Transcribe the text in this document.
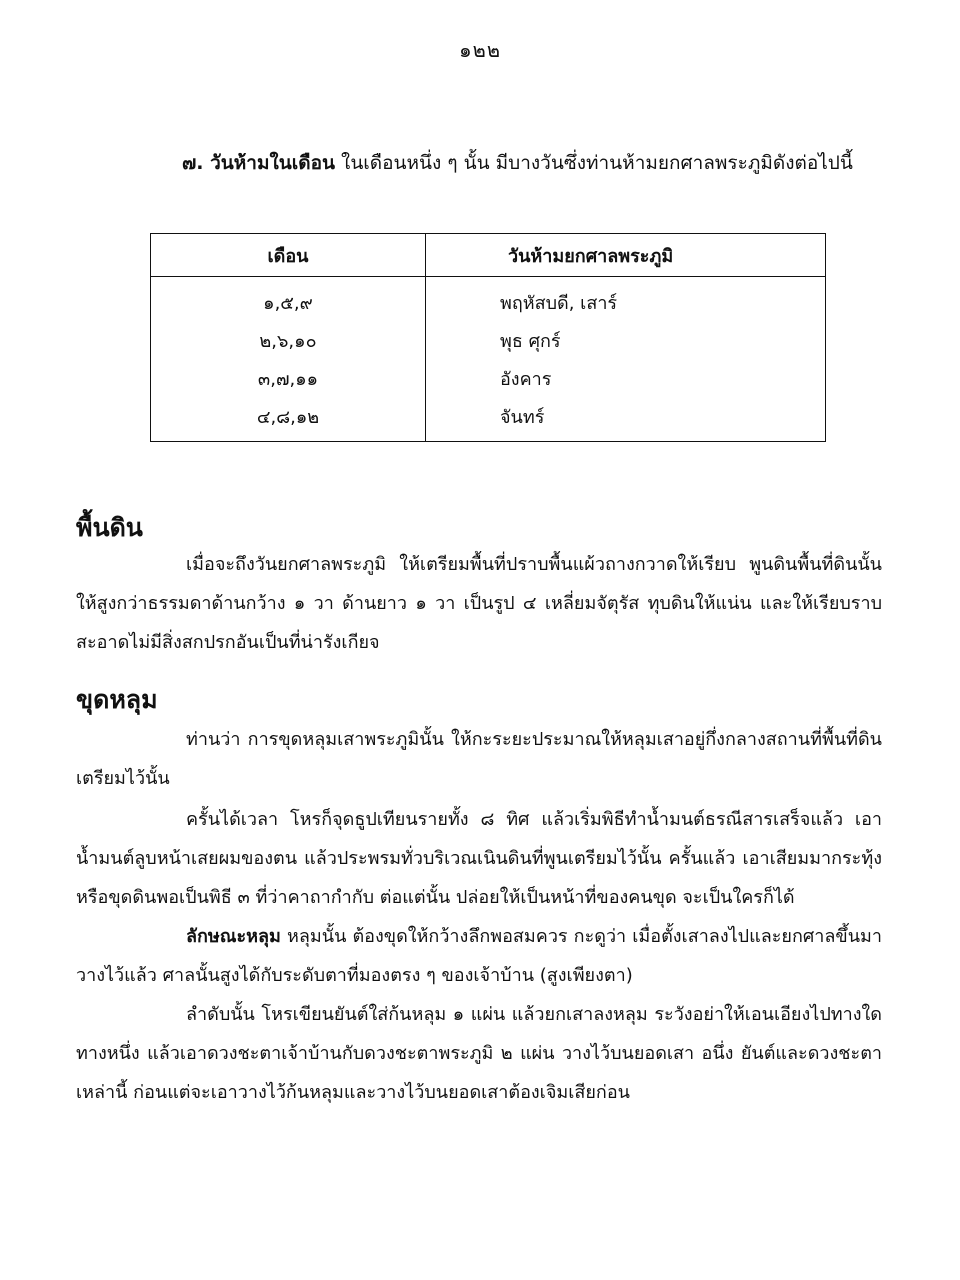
๑๒๒
๗. วันห้ามในเดือน ในเดือนหนึ่ง ๆ นั้น มีบางวันซึ่งท่านห้ามยกศาลพระภูมิดังต่อไปนี้
เดือน	วันห้ามยกศาลพระภูมิ
๑,๕,๙	พฤหัสบดี, เสาร์
๒,๖,๑๐	พุธ ศุกร์
๓,๗,๑๑	อังคาร
๔,๘,๑๒	จันทร์
พื้นดิน
เมื่อจะถึงวันยกศาลพระภูมิ ให้เตรียมพื้นที่ปราบพื้นแผ้วถางกวาดให้เรียบ พูนดินพื้นที่ดินนั้นให้สูงกว่าธรรมดาด้านกว้าง ๑ วา ด้านยาว ๑ วา เป็นรูป ๔ เหลี่ยมจัตุรัส ทุบดินให้แน่น และให้เรียบราบสะอาดไม่มีสิ่งสกปรกอันเป็นที่น่ารังเกียจ
ขุดหลุม
ท่านว่า การขุดหลุมเสาพระภูมินั้น ให้กะระยะประมาณให้หลุมเสาอยู่กึ่งกลางสถานที่พื้นที่ดินเตรียมไว้นั้น
ครั้นได้เวลา โหรก็จุดธูปเทียนรายทั้ง ๘ ทิศ แล้วเริ่มพิธีทำน้ำมนต์ธรณีสารเสร็จแล้ว เอาน้ำมนต์ลูบหน้าเสยผมของตน แล้วประพรมทั่วบริเวณเนินดินที่พูนเตรียมไว้นั้น ครั้นแล้ว เอาเสียมมากระทุ้งหรือขุดดินพอเป็นพิธี ๓ ที่ว่าคาถากำกับ ต่อแต่นั้น ปล่อยให้เป็นหน้าที่ของคนขุด จะเป็นใครก็ได้
ลักษณะหลุม หลุมนั้น ต้องขุดให้กว้างลึกพอสมควร กะดูว่า เมื่อตั้งเสาลงไปและยกศาลขึ้นมาวางไว้แล้ว ศาลนั้นสูงได้กับระดับตาที่มองตรง ๆ ของเจ้าบ้าน (สูงเพียงตา)
ลำดับนั้น โหรเขียนยันต์ใส่ก้นหลุม ๑ แผ่น แล้วยกเสาลงหลุม ระวังอย่าให้เอนเอียงไปทางใดทางหนึ่ง แล้วเอาดวงชะตาเจ้าบ้านกับดวงชะตาพระภูมิ ๒ แผ่น วางไว้บนยอดเสา อนึ่ง ยันต์และดวงชะตาเหล่านี้ ก่อนแต่จะเอาวางไว้ก้นหลุมและวางไว้บนยอดเสาต้องเจิมเสียก่อน
